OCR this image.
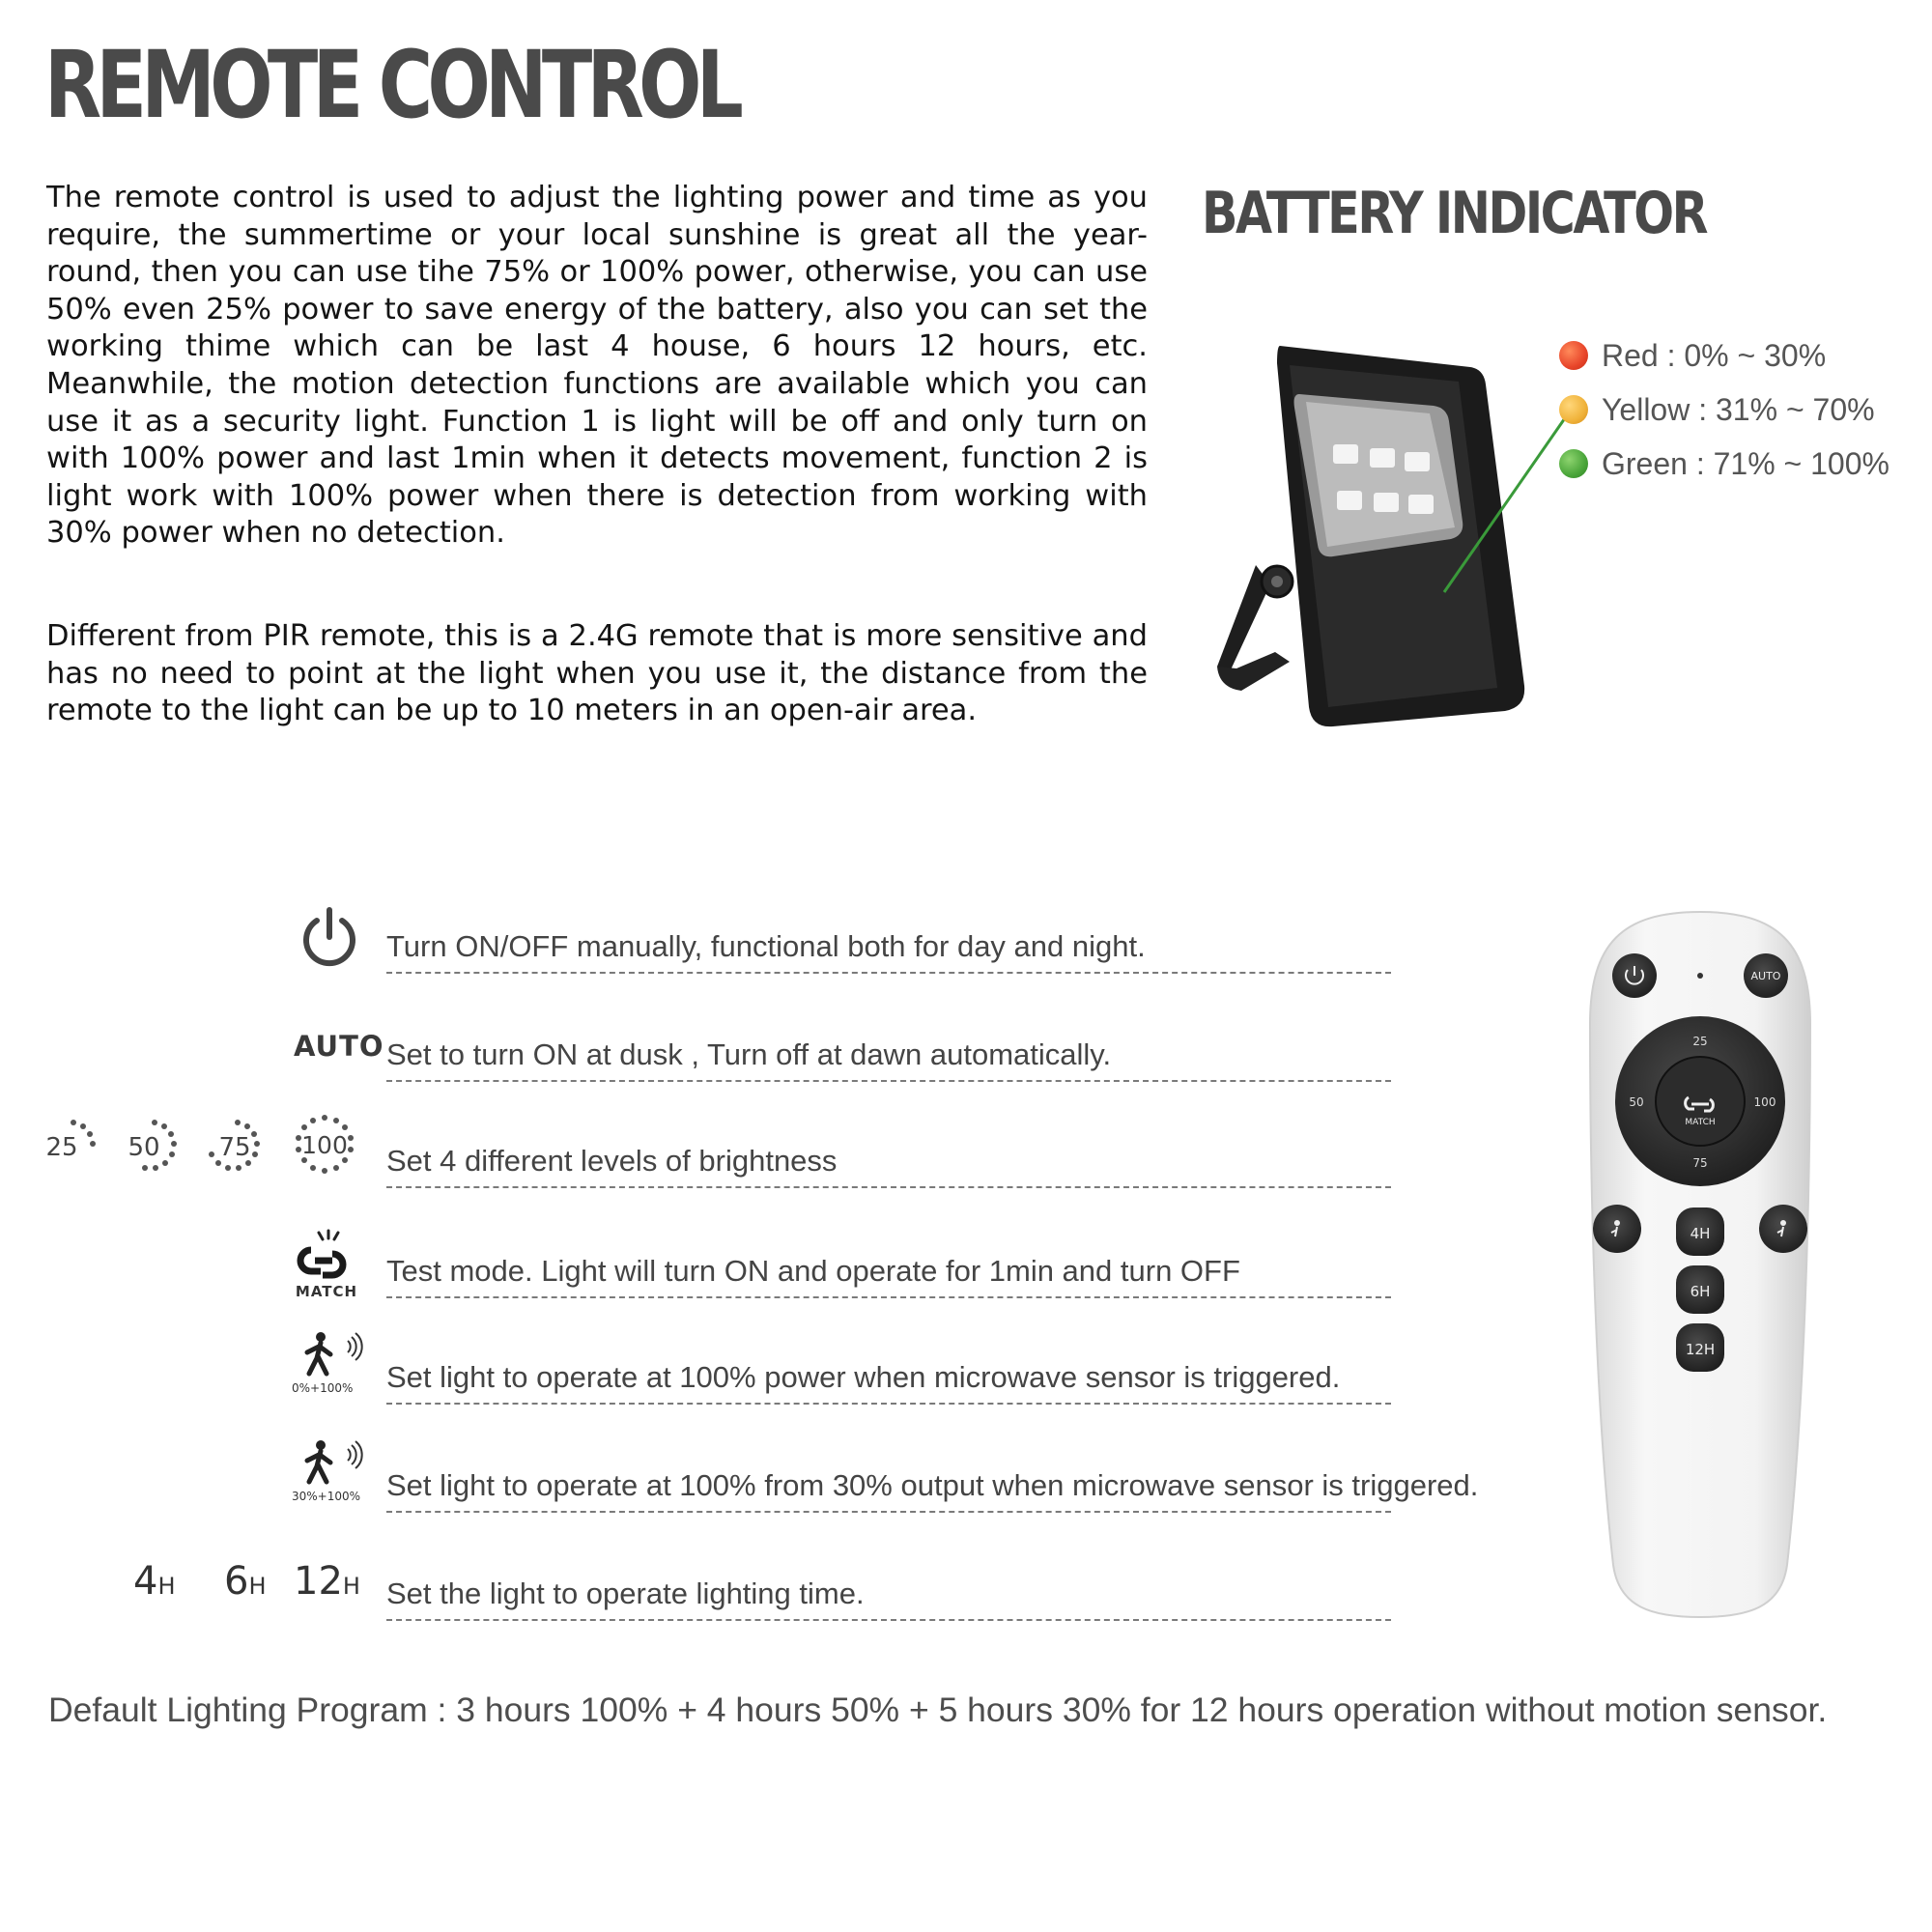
REMOTE CONTROL

The remote control is used to adjust the lighting power and time as you require, the summertime or your local sunshine is great all the year-round, then you can use tihe 75% or 100% power, otherwise, you can use 50% even 25% power to save energy of the battery, also you can set the working thime which can be last 4 house, 6 hours 12 hours, etc. Meanwhile, the motion detection functions are available which you can use it as a security light. Function 1 is light will be off and only turn on with 100% power and last 1min when it detects movement, function 2 is light work with 100% power when there is detection from working with 30% power when no detection.

Different from PIR remote, this is a 2.4G remote that is more sensitive and has no need to point at the light when you use it, the distance from the remote to the light can be up to 10 meters in an open-air area.

BATTERY INDICATOR
Red : 0% ~ 30%
Yellow : 31% ~ 70%
Green : 71% ~ 100%
Turn ON/OFF manually, functional both for day and night.
AUTO Set to turn ON at dusk , Turn off at dawn automatically.
25 50 75 100 Set 4 different levels of brightness
MATCH
Test mode. Light will turn ON and operate for 1min and turn OFF
0%+100%	Set light to operate at 100% power when microwave sensor is triggered.
30%+100% Set light to operate at 100% from 30% output when microwave sensor is triggered.
4H 6H 12H Set the light to operate lighting time.
Default Lighting Program : 3 hours 100% + 4 hours 50% + 5 hours 30% for 12 hours operation without motion sensor.
AUTO
25
50
75
100
MATCH
4H
6H
12H
